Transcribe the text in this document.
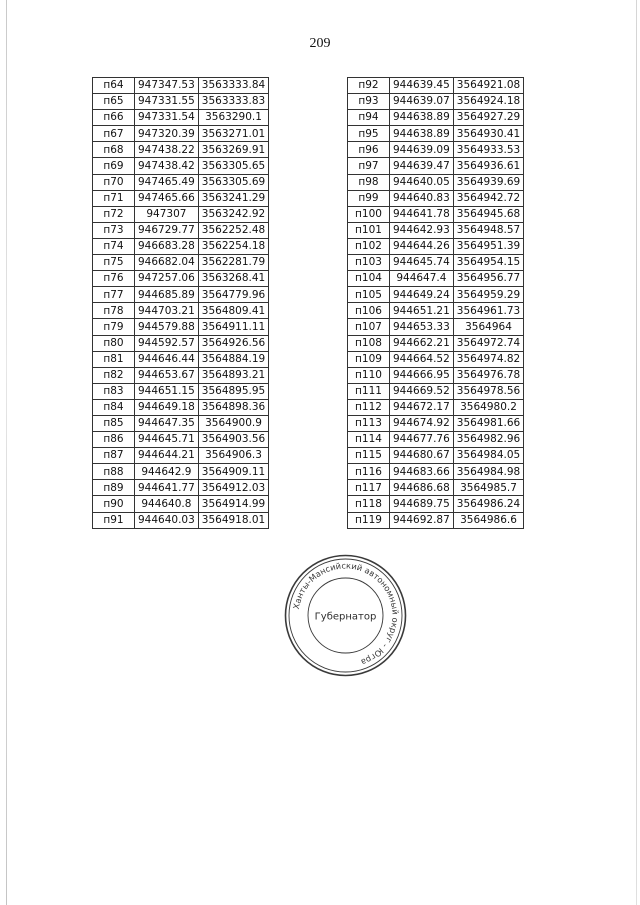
209
п64	947347.53	3563333.84
п65	947331.55	3563333.83
п66	947331.54	3563290.1
п67	947320.39	3563271.01
п68	947438.22	3563269.91
п69	947438.42	3563305.65
п70	947465.49	3563305.69
п71	947465.66	3563241.29
п72	947307	3563242.92
п73	946729.77	3562252.48
п74	946683.28	3562254.18
п75	946682.04	3562281.79
п76	947257.06	3563268.41
п77	944685.89	3564779.96
п78	944703.21	3564809.41
п79	944579.88	3564911.11
п80	944592.57	3564926.56
п81	944646.44	3564884.19
п82	944653.67	3564893.21
п83	944651.15	3564895.95
п84	944649.18	3564898.36
п85	944647.35	3564900.9
п86	944645.71	3564903.56
п87	944644.21	3564906.3
п88	944642.9	3564909.11
п89	944641.77	3564912.03
п90	944640.8	3564914.99
п91	944640.03	3564918.01
п92	944639.45	3564921.08
п93	944639.07	3564924.18
п94	944638.89	3564927.29
п95	944638.89	3564930.41
п96	944639.09	3564933.53
п97	944639.47	3564936.61
п98	944640.05	3564939.69
п99	944640.83	3564942.72
п100	944641.78	3564945.68
п101	944642.93	3564948.57
п102	944644.26	3564951.39
п103	944645.74	3564954.15
п104	944647.4	3564956.77
п105	944649.24	3564959.29
п106	944651.21	3564961.73
п107	944653.33	3564964
п108	944662.21	3564972.74
п109	944664.52	3564974.82
п110	944666.95	3564976.78
п111	944669.52	3564978.56
п112	944672.17	3564980.2
п113	944674.92	3564981.66
п114	944677.76	3564982.96
п115	944680.67	3564984.05
п116	944683.66	3564984.98
п117	944686.68	3564985.7
п118	944689.75	3564986.24
п119	944692.87	3564986.6
Ханты-Мансийский автономный округ - Югра
Губернатор
